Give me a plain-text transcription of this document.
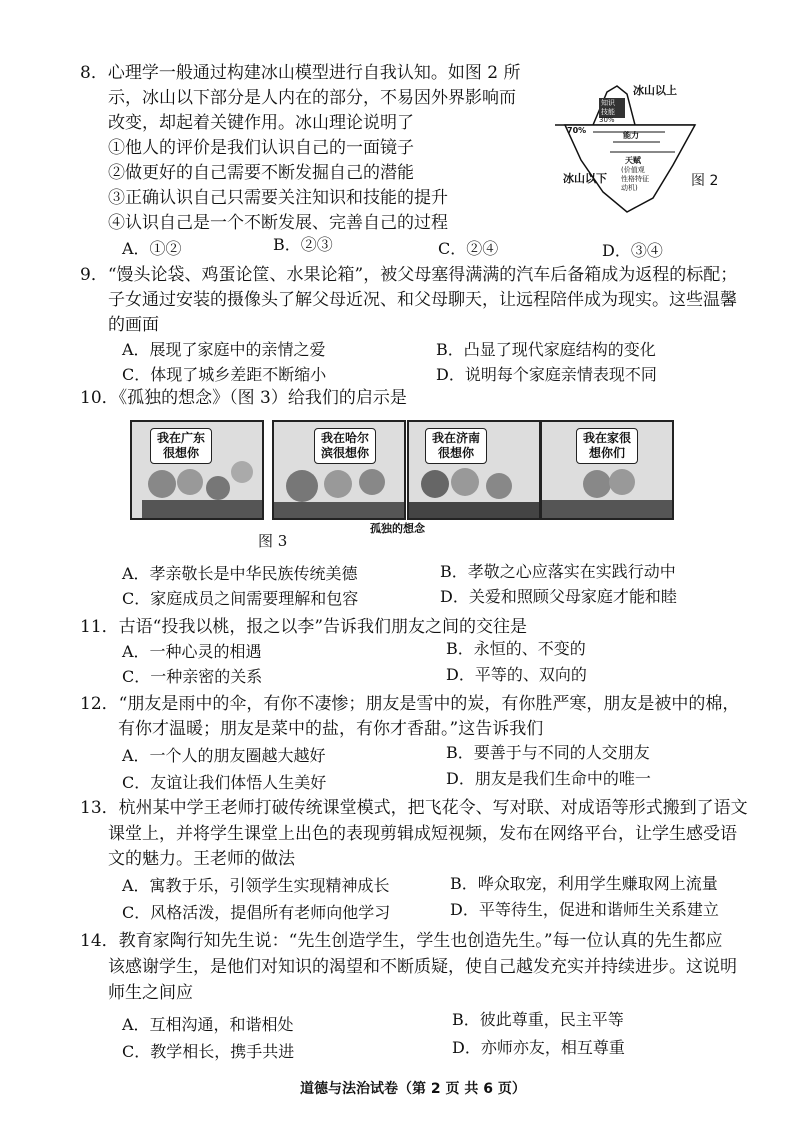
8．心理学一般通过构建冰山模型进行自我认知。如图 2 所
示，冰山以下部分是人内在的部分，不易因外界影响而
改变，却起着关键作用。冰山理论说明了
①他人的评价是我们认识自己的一面镜子
②做更好的自己需要不断发掘自己的潜能
③正确认识自己只需要关注知识和技能的提升
④认识自己是一个不断发展、完善自己的过程
A．①②	B．②③	C．②④	D．③④
冰山以上
知识
技能
30%
70%
能力
天赋
(价值观
性格特征
动机)
冰山以下	图 2
9．“馒头论袋、鸡蛋论筐、水果论箱”，被父母塞得满满的汽车后备箱成为返程的标配；
子女通过安装的摄像头了解父母近况、和父母聊天，让远程陪伴成为现实。这些温馨
的画面
A．展现了家庭中的亲情之爱	B．凸显了现代家庭结构的变化
C．体现了城乡差距不断缩小	D．说明每个家庭亲情表现不同
10．《孤独的想念》（图 3）给我们的启示是
我在广东
很想你
我在哈尔
滨很想你
我在济南
很想你
我在家很
想你们
孤独的想念
图 3
A．孝亲敬长是中华民族传统美德	B．孝敬之心应落实在实践行动中
C．家庭成员之间需要理解和包容	D．关爱和照顾父母家庭才能和睦
11．古语“投我以桃，报之以李”告诉我们朋友之间的交往是
A．一种心灵的相遇	B．永恒的、不变的
C．一种亲密的关系	D．平等的、双向的
12．“朋友是雨中的伞，有你不凄惨；朋友是雪中的炭，有你胜严寒，朋友是被中的棉，
有你才温暖；朋友是菜中的盐，有你才香甜。”这告诉我们
A．一个人的朋友圈越大越好	B．要善于与不同的人交朋友
C．友谊让我们体悟人生美好	D．朋友是我们生命中的唯一
13．杭州某中学王老师打破传统课堂模式，把飞花令、写对联、对成语等形式搬到了语文
课堂上，并将学生课堂上出色的表现剪辑成短视频，发布在网络平台，让学生感受语
文的魅力。王老师的做法
A．寓教于乐，引领学生实现精神成长	B．哗众取宠，利用学生赚取网上流量
C．风格活泼，提倡所有老师向他学习	D．平等待生，促进和谐师生关系建立
14．教育家陶行知先生说：“先生创造学生，学生也创造先生。”每一位认真的先生都应
该感谢学生，是他们对知识的渴望和不断质疑，使自己越发充实并持续进步。这说明
师生之间应
A．互相沟通，和谐相处	B．彼此尊重，民主平等
C．教学相长，携手共进	D．亦师亦友，相互尊重
道德与法治试卷（第 2 页 共 6 页）
